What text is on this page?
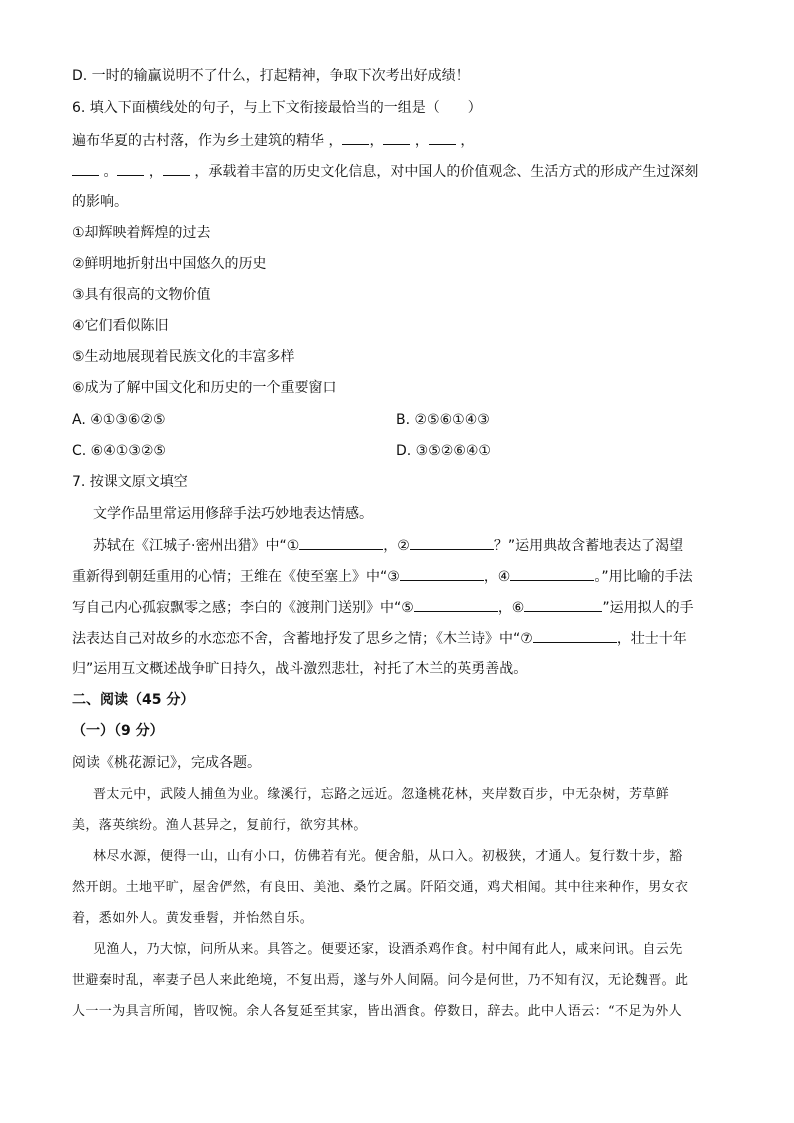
D. 一时的输赢说明不了什么，打起精神，争取下次考出好成绩！
6. 填入下面横线处的句子，与上下文衔接最恰当的一组是（　　）
遍布华夏的古村落，作为乡土建筑的精华 ， ， ， ，
。 ， ，承载着丰富的历史文化信息，对中国人的价值观念、生活方式的形成产生过深刻
的影响。
①却辉映着辉煌的过去
②鲜明地折射出中国悠久的历史
③具有很高的文物价值
④它们看似陈旧
⑤生动地展现着民族文化的丰富多样
⑥成为了解中国文化和历史的一个重要窗口
A. ④①③⑥②⑤	B. ②⑤⑥①④③
C. ⑥④①③②⑤	D. ③⑤②⑥④①
7. 按课文原文填空
文学作品里常运用修辞手法巧妙地表达情感。
苏轼在《江城子·密州出猎》中“①	，②	？”运用典故含蓄地表达了渴望
重新得到朝廷重用的心情；王维在《使至塞上》中“③	，④	。”用比喻的手法
写自己内心孤寂飘零之感；李白的《渡荆门送别》中“⑤	，⑥	”运用拟人的手
法表达自己对故乡的水恋恋不舍，含蓄地抒发了思乡之情；《木兰诗》中“⑦	，壮士十年
归”运用互文概述战争旷日持久，战斗激烈悲壮，衬托了木兰的英勇善战。
二、阅读（45 分）
（一）（9 分）
阅读《桃花源记》，完成各题。
晋太元中，武陵人捕鱼为业。缘溪行，忘路之远近。忽逢桃花林，夹岸数百步，中无杂树，芳草鲜
美，落英缤纷。渔人甚异之，复前行，欲穷其林。
林尽水源，便得一山，山有小口，仿佛若有光。便舍船，从口入。初极狭，才通人。复行数十步，豁
然开朗。土地平旷，屋舍俨然，有良田、美池、桑竹之属。阡陌交通，鸡犬相闻。其中往来种作，男女衣
着，悉如外人。黄发垂髫，并怡然自乐。
见渔人，乃大惊，问所从来。具答之。便要还家，设酒杀鸡作食。村中闻有此人，咸来问讯。自云先
世避秦时乱，率妻子邑人来此绝境，不复出焉，遂与外人间隔。问今是何世，乃不知有汉，无论魏晋。此
人一一为具言所闻，皆叹惋。余人各复延至其家，皆出酒食。停数日，辞去。此中人语云：“不足为外人
